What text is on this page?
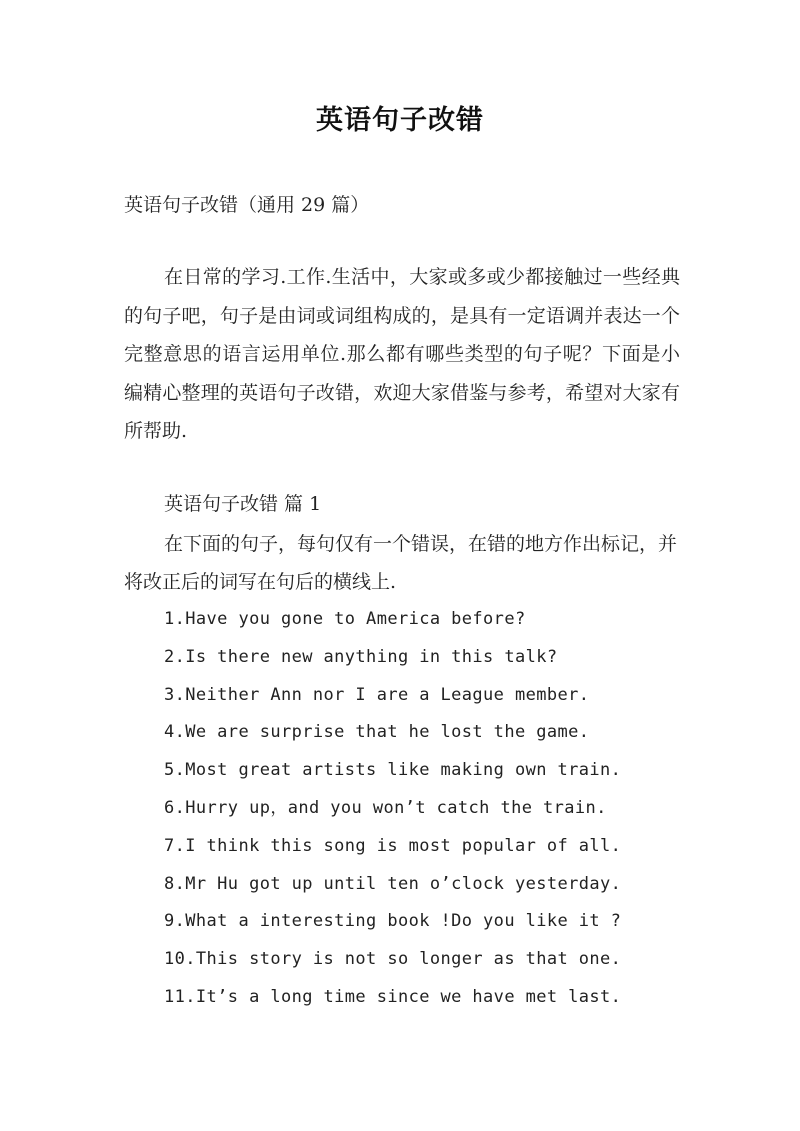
英语句子改错
英语句子改错（通用 29 篇）

在日常的学习.工作.生活中，大家或多或少都接触过一些经典的句子吧，句子是由词或词组构成的，是具有一定语调并表达一个完整意思的语言运用单位.那么都有哪些类型的句子呢？下面是小编精心整理的英语句子改错，欢迎大家借鉴与参考，希望对大家有所帮助.

英语句子改错 篇 1

在下面的句子，每句仅有一个错误，在错的地方作出标记，并将改正后的词写在句后的横线上.

1.Have you gone to America before?
2.Is there new anything in this talk?
3.Neither Ann nor I are a League member.
4.We are surprise that he lost the game.
5.Most great artists like making own train.
6.Hurry up，and you won’t catch the train.
7.I think this song is most popular of all.
8.Mr Hu got up until ten o’clock yesterday.
9.What a interesting book !Do you like it ?
10.This story is not so longer as that one.
11.It’s a long time since we have met last.
